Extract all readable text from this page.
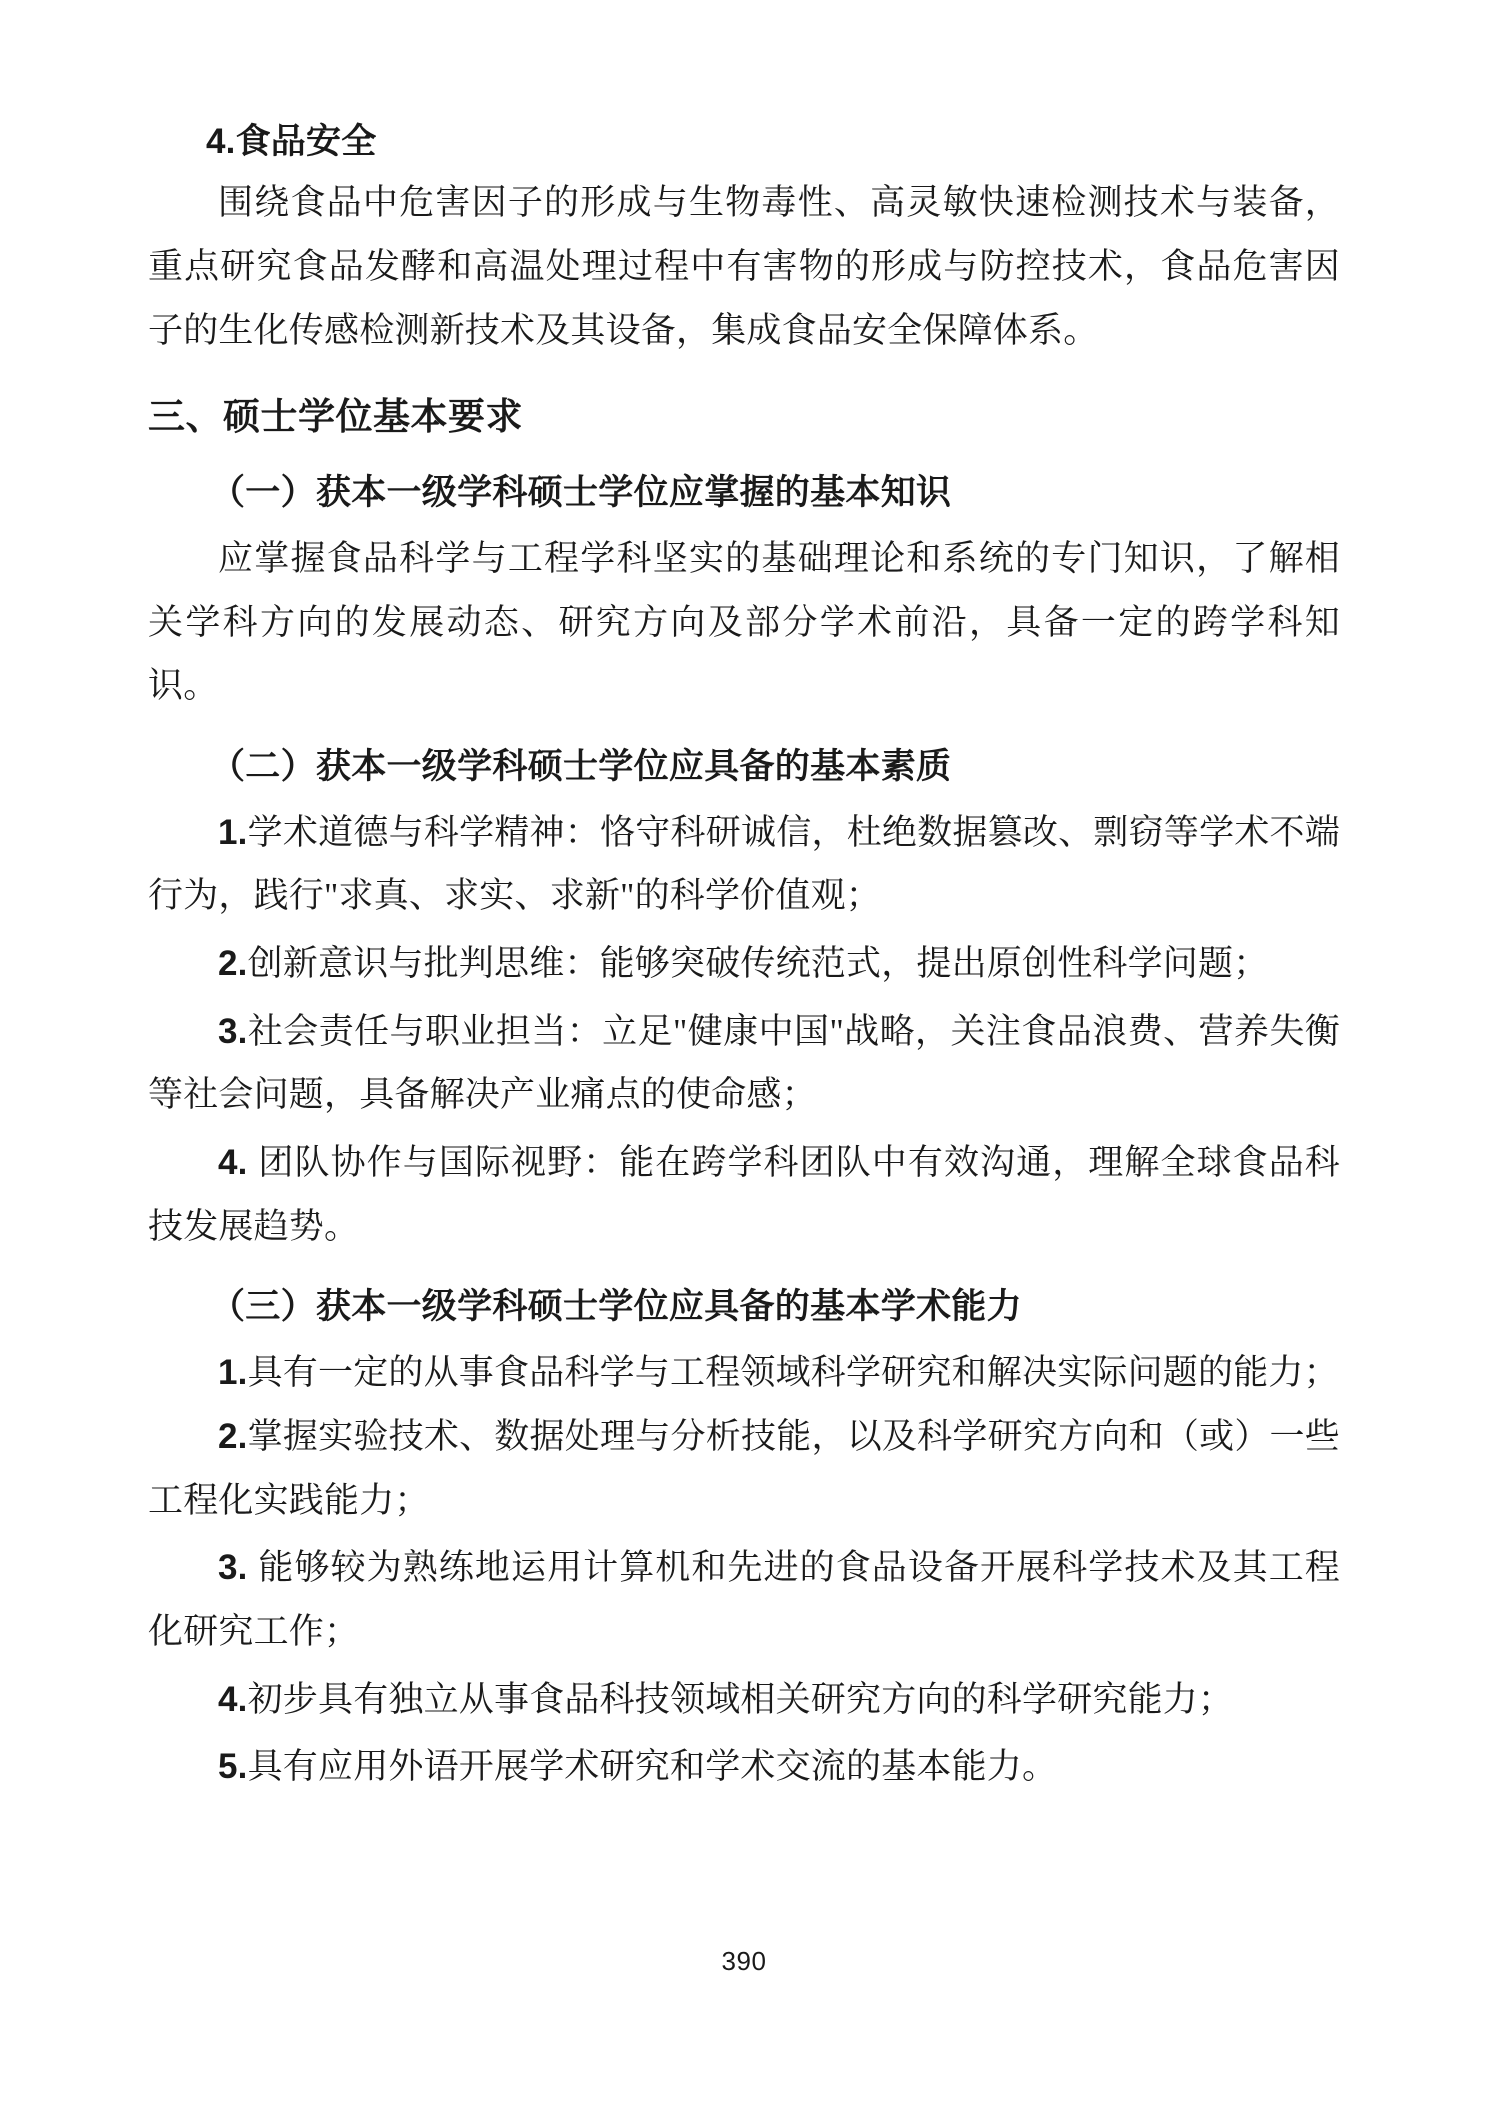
4.食品安全

围绕食品中危害因子的形成与生物毒性、高灵敏快速检测技术与装备，重点研究食品发酵和高温处理过程中有害物的形成与防控技术，食品危害因子的生化传感检测新技术及其设备，集成食品安全保障体系。

三、硕士学位基本要求
（一）获本一级学科硕士学位应掌握的基本知识

应掌握食品科学与工程学科坚实的基础理论和系统的专门知识，了解相关学科方向的发展动态、研究方向及部分学术前沿，具备一定的跨学科知识。

（二）获本一级学科硕士学位应具备的基本素质

1.学术道德与科学精神：恪守科研诚信，杜绝数据篡改、剽窃等学术不端行为，践行"求真、求实、求新"的科学价值观；

2.创新意识与批判思维：能够突破传统范式，提出原创性科学问题；

3.社会责任与职业担当：立足"健康中国"战略，关注食品浪费、营养失衡等社会问题，具备解决产业痛点的使命感；

4. 团队协作与国际视野：能在跨学科团队中有效沟通，理解全球食品科技发展趋势。

（三）获本一级学科硕士学位应具备的基本学术能力

1.具有一定的从事食品科学与工程领域科学研究和解决实际问题的能力；

2.掌握实验技术、数据处理与分析技能，以及科学研究方向和（或）一些工程化实践能力；

3. 能够较为熟练地运用计算机和先进的食品设备开展科学技术及其工程化研究工作；

4.初步具有独立从事食品科技领域相关研究方向的科学研究能力；

5.具有应用外语开展学术研究和学术交流的基本能力。

390
